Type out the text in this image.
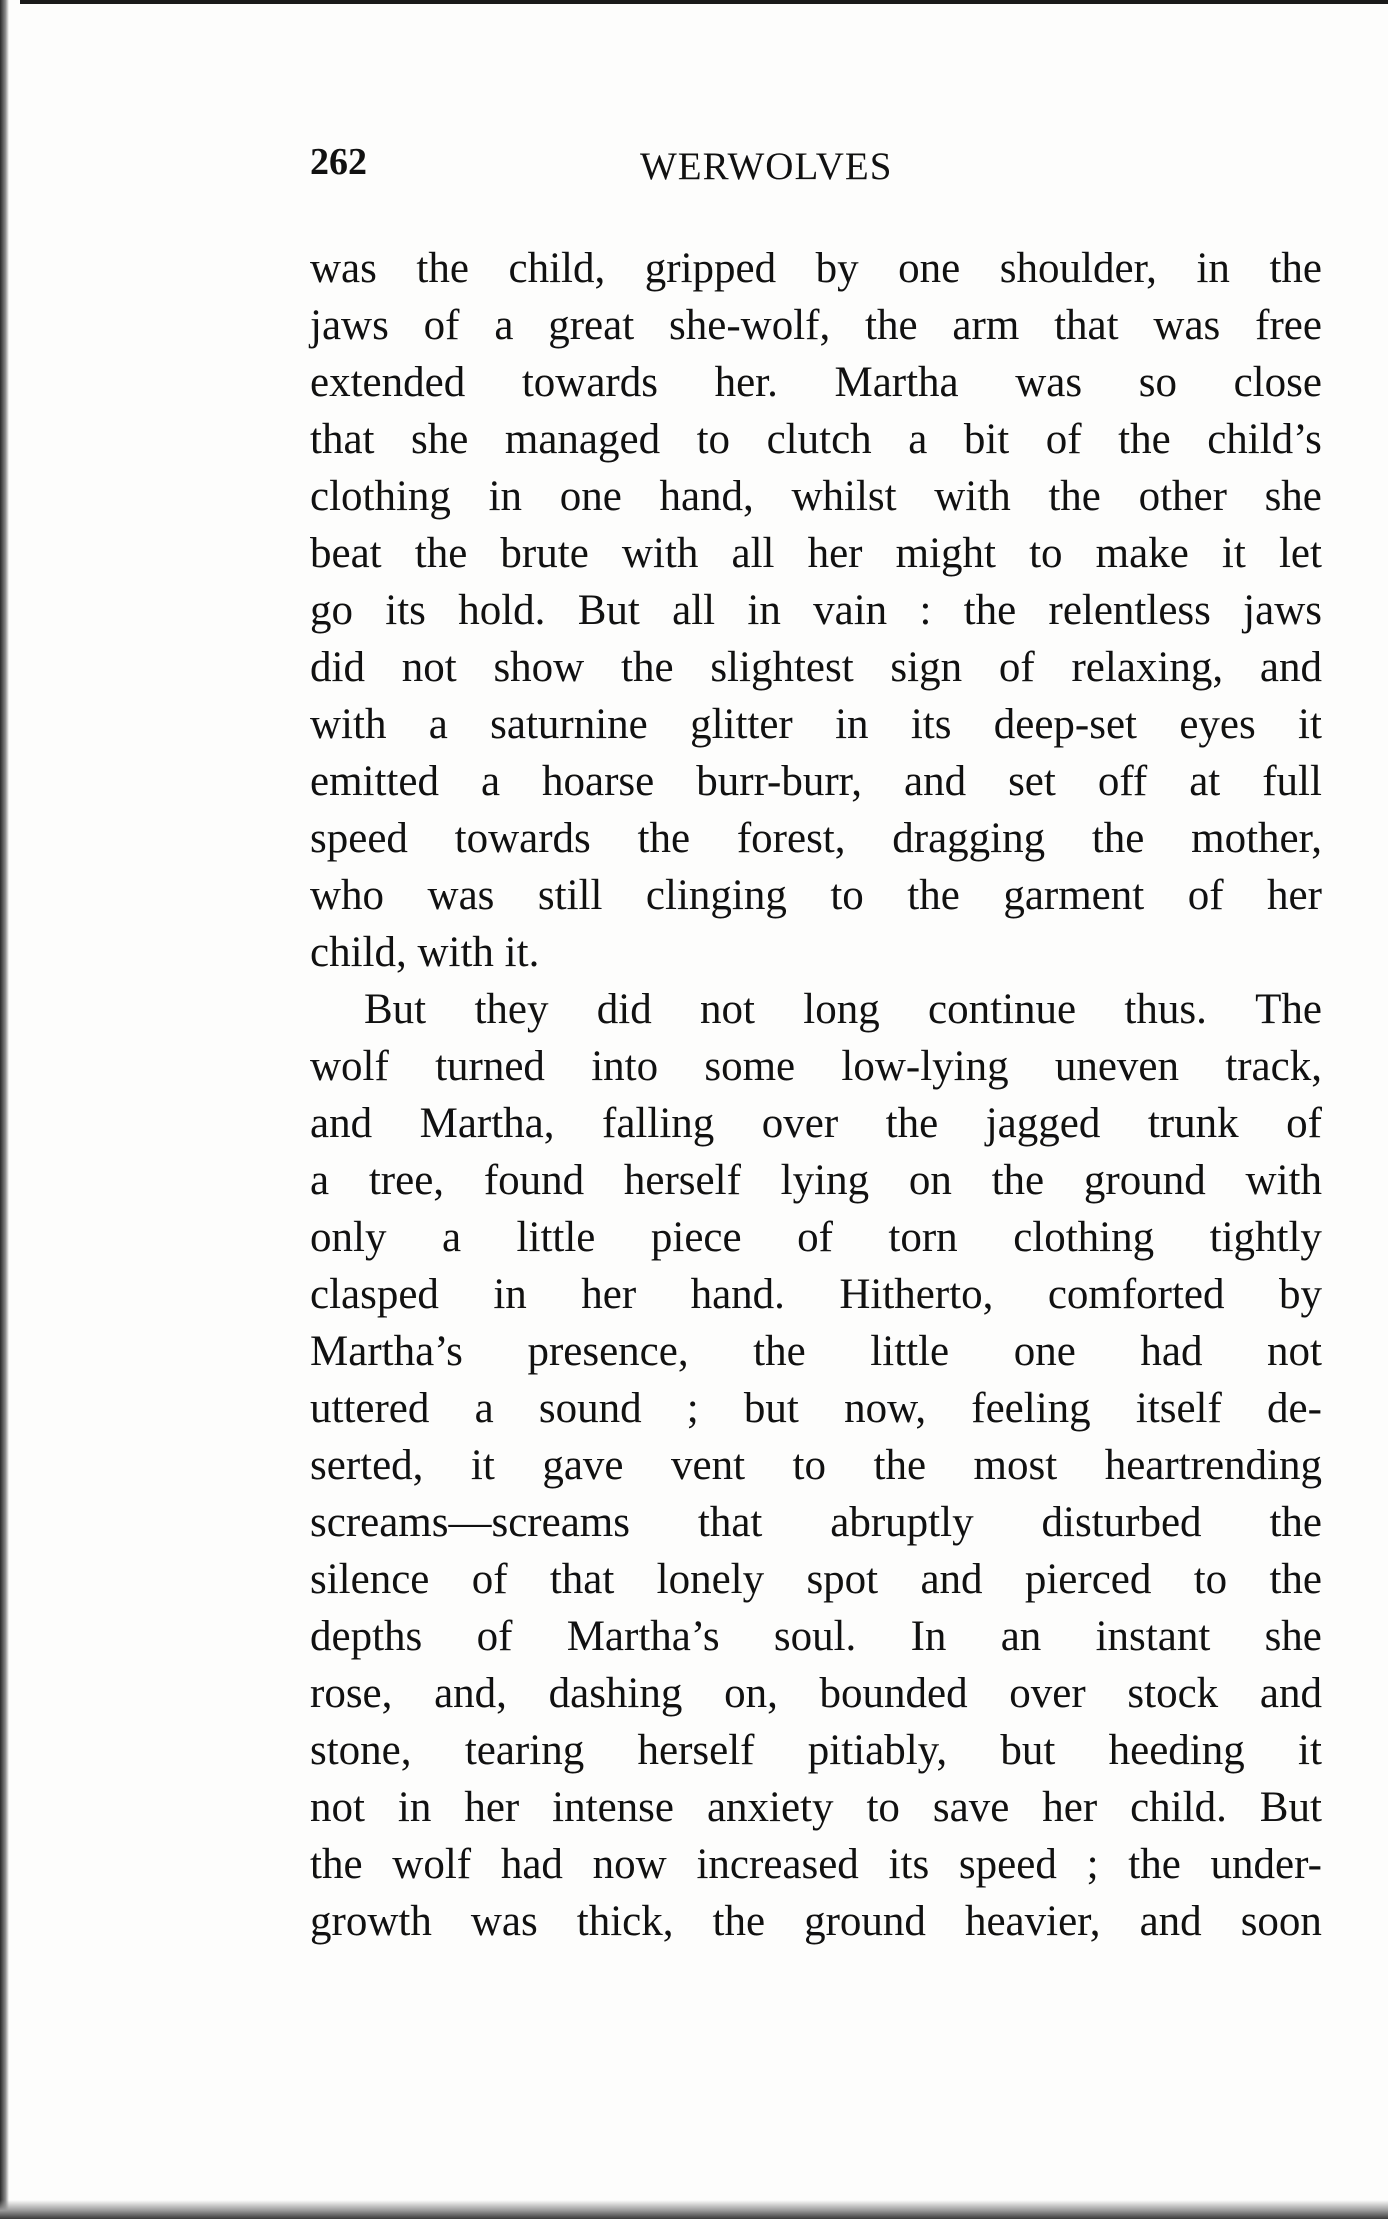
262	WERWOLVES
was the child, gripped by one shoulder, in the
jaws of a great she-wolf, the arm that was free
extended towards her. Martha was so close
that she managed to clutch a bit of the child’s
clothing in one hand, whilst with the other she
beat the brute with all her might to make it let
go its hold. But all in vain : the relentless jaws
did not show the slightest sign of relaxing, and
with a saturnine glitter in its deep-set eyes it
emitted a hoarse burr-burr, and set off at full
speed towards the forest, dragging the mother,
who was still clinging to the garment of her
child, with it.
But they did not long continue thus. The
wolf turned into some low-lying uneven track,
and Martha, falling over the jagged trunk of
a tree, found herself lying on the ground with
only a little piece of torn clothing tightly
clasped in her hand. Hitherto, comforted by
Martha’s presence, the little one had not
uttered a sound ; but now, feeling itself de-
serted, it gave vent to the most heartrending
screams—screams that abruptly disturbed the
silence of that lonely spot and pierced to the
depths of Martha’s soul. In an instant she
rose, and, dashing on, bounded over stock and
stone, tearing herself pitiably, but heeding it
not in her intense anxiety to save her child. But
the wolf had now increased its speed ; the under-
growth was thick, the ground heavier, and soon
